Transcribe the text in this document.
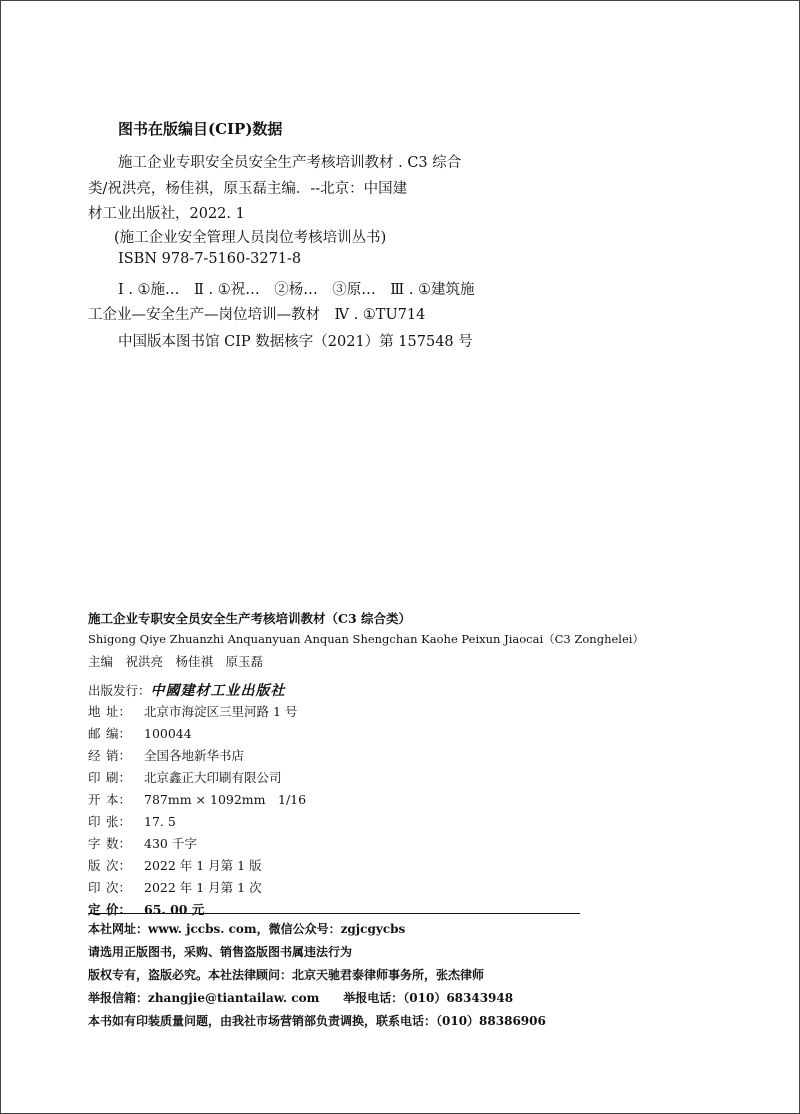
图书在版编目(CIP)数据
施工企业专职安全员安全生产考核培训教材 . C3 综合
类/祝洪亮，杨佳祺，原玉磊主编．--北京：中国建
材工业出版社，2022. 1
(施工企业安全管理人员岗位考核培训丛书)
ISBN 978-7-5160-3271-8
Ⅰ . ①施…　Ⅱ . ①祝…　②杨…　③原…　Ⅲ . ①建筑施
工企业—安全生产—岗位培训—教材　Ⅳ . ①TU714
中国版本图书馆 CIP 数据核字（2021）第 157548 号
施工企业专职安全员安全生产考核培训教材（C3 综合类）
Shigong Qiye Zhuanzhi Anquanyuan Anquan Shengchan Kaohe Peixun Jiaocai（C3 Zonghelei）
主编　祝洪亮　杨佳祺　原玉磊
出版发行：中國建材工业出版社
地 址： 北京市海淀区三里河路 1 号
邮 编： 100044
经 销： 全国各地新华书店
印 刷： 北京鑫正大印刷有限公司
开 本： 787mm × 1092mm　1/16
印 张： 17. 5
字 数： 430 千字
版 次： 2022 年 1 月第 1 版
印 次： 2022 年 1 月第 1 次
定 价： 65. 00 元
本社网址：www. jccbs. com，微信公众号：zgjcgycbs
请选用正版图书，采购、销售盗版图书属违法行为
版权专有，盗版必究。本社法律顾问：北京天驰君泰律师事务所，张杰律师
举报信箱：zhangjie@tiantailaw. com　　举报电话：（010）68343948
本书如有印装质量问题，由我社市场营销部负责调换，联系电话：（010）88386906
